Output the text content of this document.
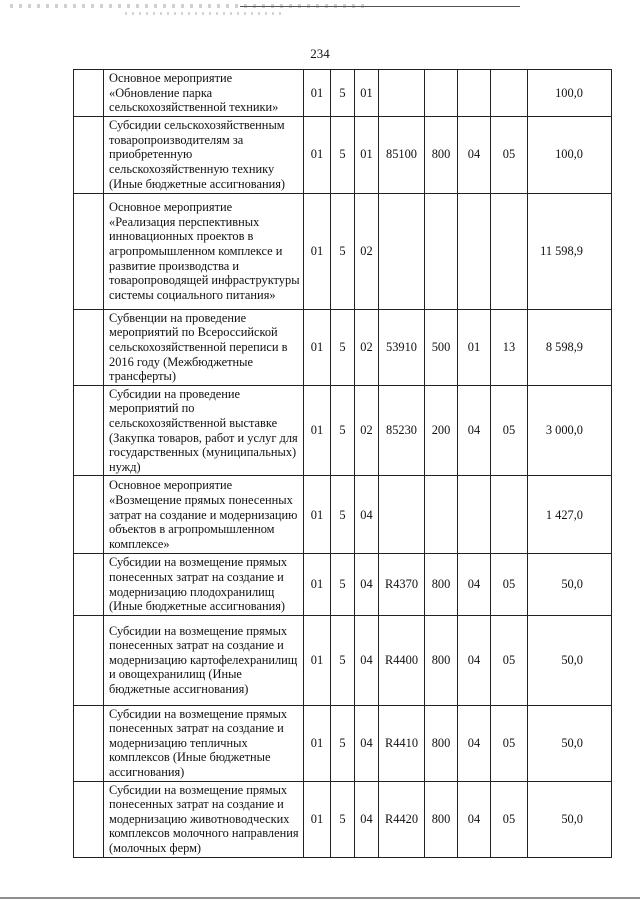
234
	Основное мероприятие «Обновление парка сельскохозяйственной техники»	01	5	01					100,0
	Субсидии сельскохозяйственным товаропроизводителям за приобретенную сельскохозяйственную технику (Иные бюджетные ассигнования)	01	5	01	85100	800	04	05	100,0
	Основное мероприятие «Реализация перспективных инновационных проектов в агропромышленном комплексе и развитие производства и товаропроводящей инфраструктуры системы социального питания»	01	5	02					11 598,9
	Субвенции на проведение мероприятий по Всероссийской сельскохозяйственной переписи в 2016 году (Межбюджетные трансферты)	01	5	02	53910	500	01	13	8 598,9
	Субсидии на проведение мероприятий по сельскохозяйственной выставке (Закупка товаров, работ и услуг для государственных (муниципальных) нужд)	01	5	02	85230	200	04	05	3 000,0
	Основное мероприятие «Возмещение прямых понесенных затрат на создание и модернизацию объектов в агропромышленном комплексе»	01	5	04					1 427,0
	Субсидии на возмещение прямых понесенных затрат на создание и модернизацию плодохранилищ (Иные бюджетные ассигнования)	01	5	04	R4370	800	04	05	50,0
	Субсидии на возмещение прямых понесенных затрат на создание и модернизацию картофелехранилищ и овощехранилищ (Иные бюджетные ассигнования)	01	5	04	R4400	800	04	05	50,0
	Субсидии на возмещение прямых понесенных затрат на создание и модернизацию тепличных комплексов (Иные бюджетные ассигнования)	01	5	04	R4410	800	04	05	50,0
	Субсидии на возмещение прямых понесенных затрат на создание и модернизацию животноводческих комплексов молочного направления (молочных ферм)	01	5	04	R4420	800	04	05	50,0
